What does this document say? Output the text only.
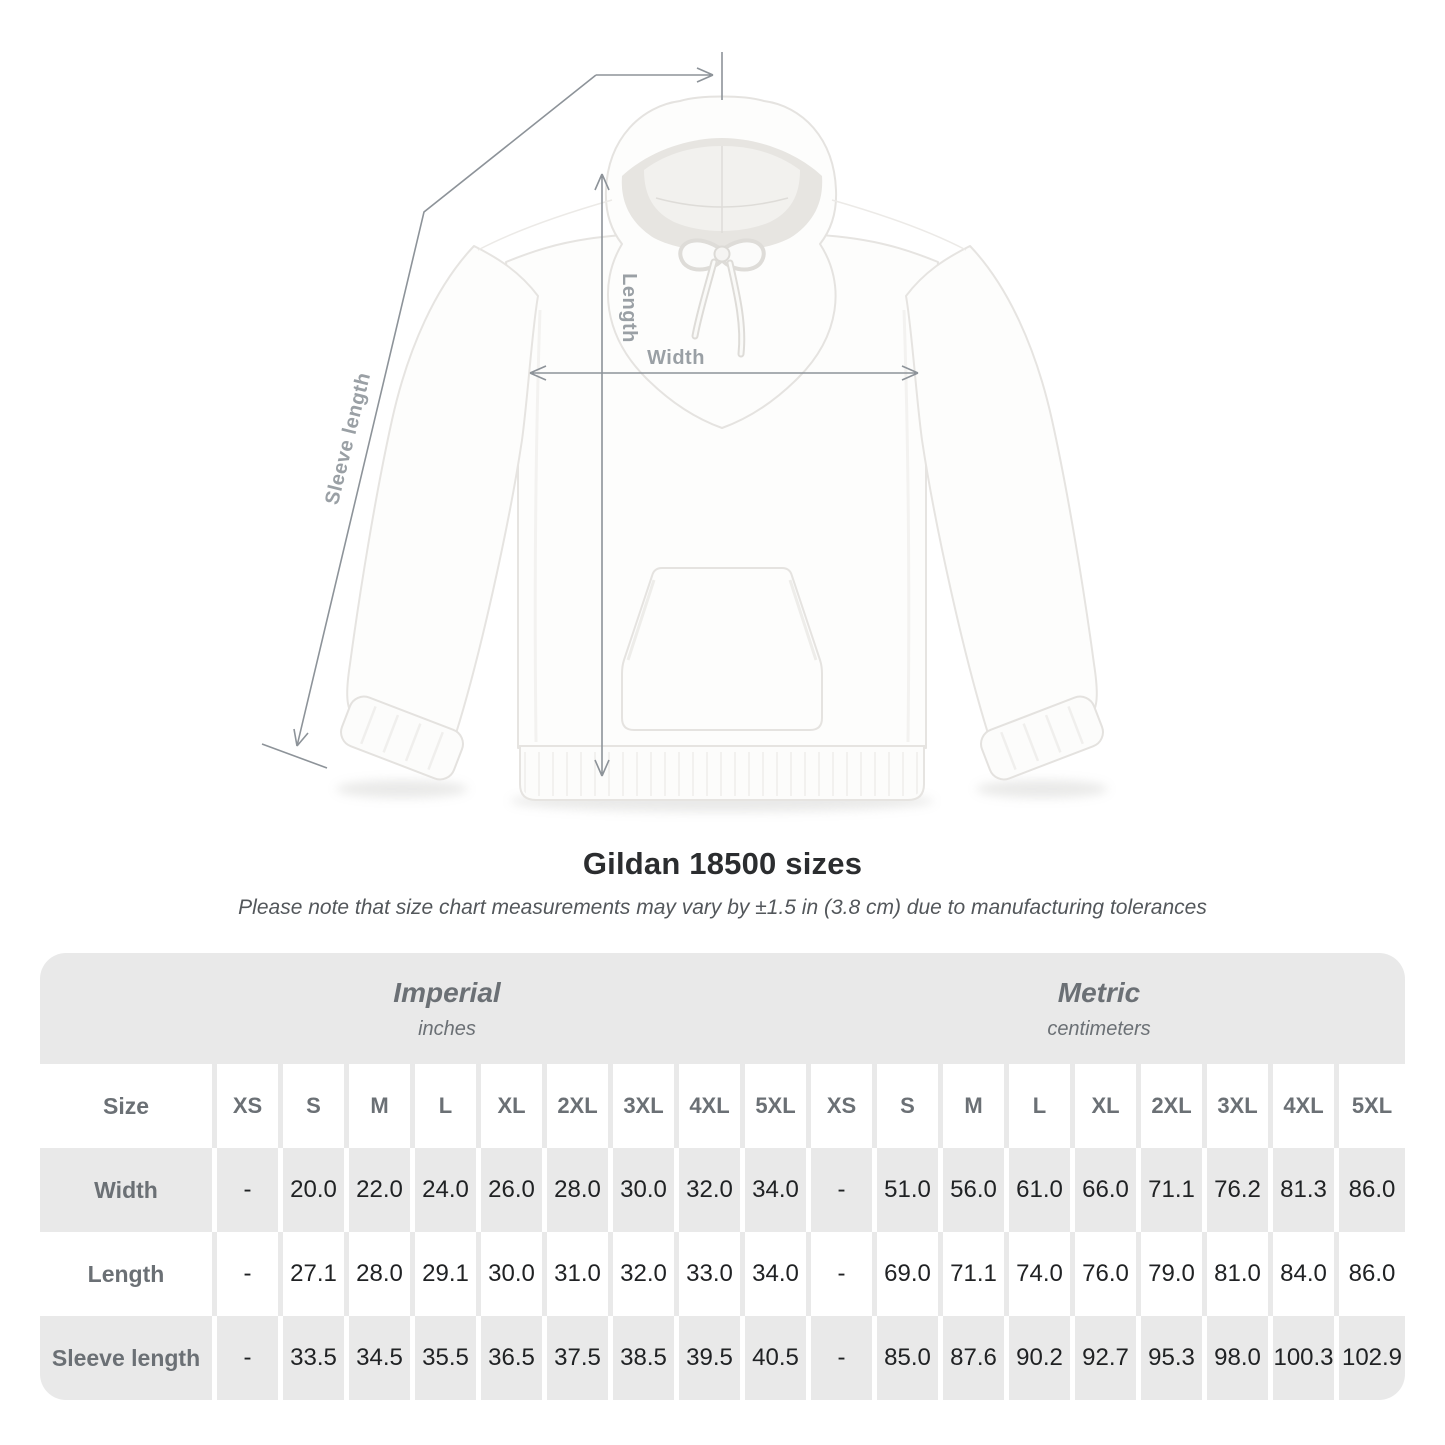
Width
Length
Sleeve length
Gildan 18500 sizes

Please note that size chart measurements may vary by ±1.5 in (3.8 cm) due to manufacturing tolerances

Imperial
inches
Metric
centimeters
Size	XS	S	M	L	XL	2XL	3XL	4XL	5XL	XS	S	M	L	XL	2XL	3XL	4XL	5XL
Width	-	20.0	22.0	24.0	26.0	28.0	30.0	32.0	34.0	-	51.0	56.0	61.0	66.0	71.1	76.2	81.3	86.0
Length	-	27.1	28.0	29.1	30.0	31.0	32.0	33.0	34.0	-	69.0	71.1	74.0	76.0	79.0	81.0	84.0	86.0
Sleeve length	-	33.5	34.5	35.5	36.5	37.5	38.5	39.5	40.5	-	85.0	87.6	90.2	92.7	95.3	98.0	100.3	102.9
